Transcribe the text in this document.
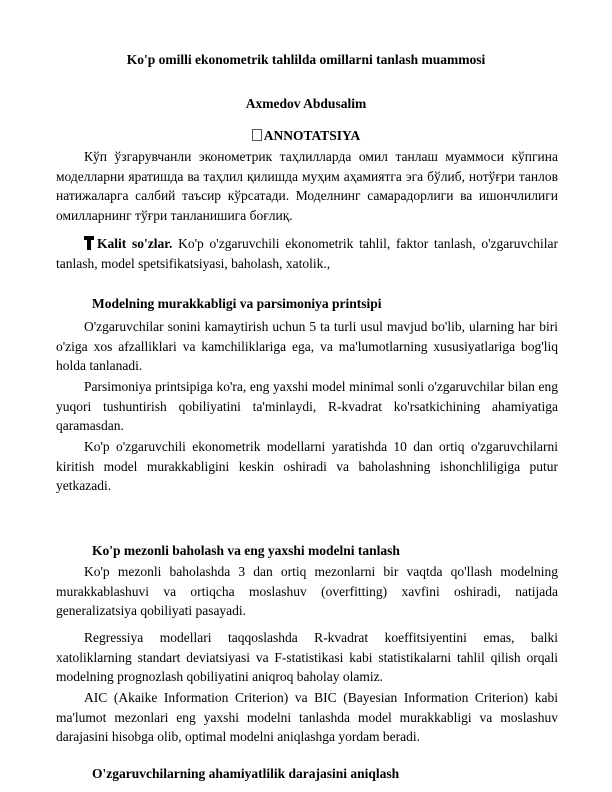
Ko'p omilli ekonometrik tahlilda omillarni tanlash muammosi
Axmedov Abdusalim
ANNOTATSIYA
Кўп ўзгарувчанли эконометрик таҳлилларда омил танлаш муаммоси кўпгина моделларни яратишда ва таҳлил қилишда муҳим аҳамиятга эга бўлиб, нотўғри танлов натижаларга салбий таъсир кўрсатади. Моделнинг самарадорлиги ва ишончлилиги омилларнинг тўғри танланишига боғлиқ.
Kalit so'zlar. Ko'p o'zgaruvchili ekonometrik tahlil, faktor tanlash, o'zgaruvchilar tanlash, model spetsifikatsiyasi, baholash, xatolik.,
Modelning murakkabligi va parsimoniya printsipi
O'zgaruvchilar sonini kamaytirish uchun 5 ta turli usul mavjud bo'lib, ularning har biri o'ziga xos afzalliklari va kamchiliklariga ega, va ma'lumotlarning xususiyatlariga bog'liq holda tanlanadi.
Parsimoniya printsipiga ko'ra, eng yaxshi model minimal sonli o'zgaruvchilar bilan eng yuqori tushuntirish qobiliyatini ta'minlaydi, R-kvadrat ko'rsatkichining ahamiyatiga qaramasdan.
Ko'p o'zgaruvchili ekonometrik modellarni yaratishda 10 dan ortiq o'zgaruvchilarni kiritish model murakkabligini keskin oshiradi va baholashning ishonchliligiga putur yetkazadi.
Ko'p mezonli baholash va eng yaxshi modelni tanlash
Ko'p mezonli baholashda 3 dan ortiq mezonlarni bir vaqtda qo'llash modelning murakkablashuvi va ortiqcha moslashuv (overfitting) xavfini oshiradi, natijada generalizatsiya qobiliyati pasayadi.
Regressiya modellari taqqoslashda R-kvadrat koeffitsiyentini emas, balki xatoliklarning standart deviatsiyasi va F-statistikasi kabi statistikalarni tahlil qilish orqali modelning prognozlash qobiliyatini aniqroq baholay olamiz.
AIC (Akaike Information Criterion) va BIC (Bayesian Information Criterion) kabi ma'lumot mezonlari eng yaxshi modelni tanlashda model murakkabligi va moslashuv darajasini hisobga olib, optimal modelni aniqlashga yordam beradi.
O'zgaruvchilarning ahamiyatlilik darajasini aniqlash
